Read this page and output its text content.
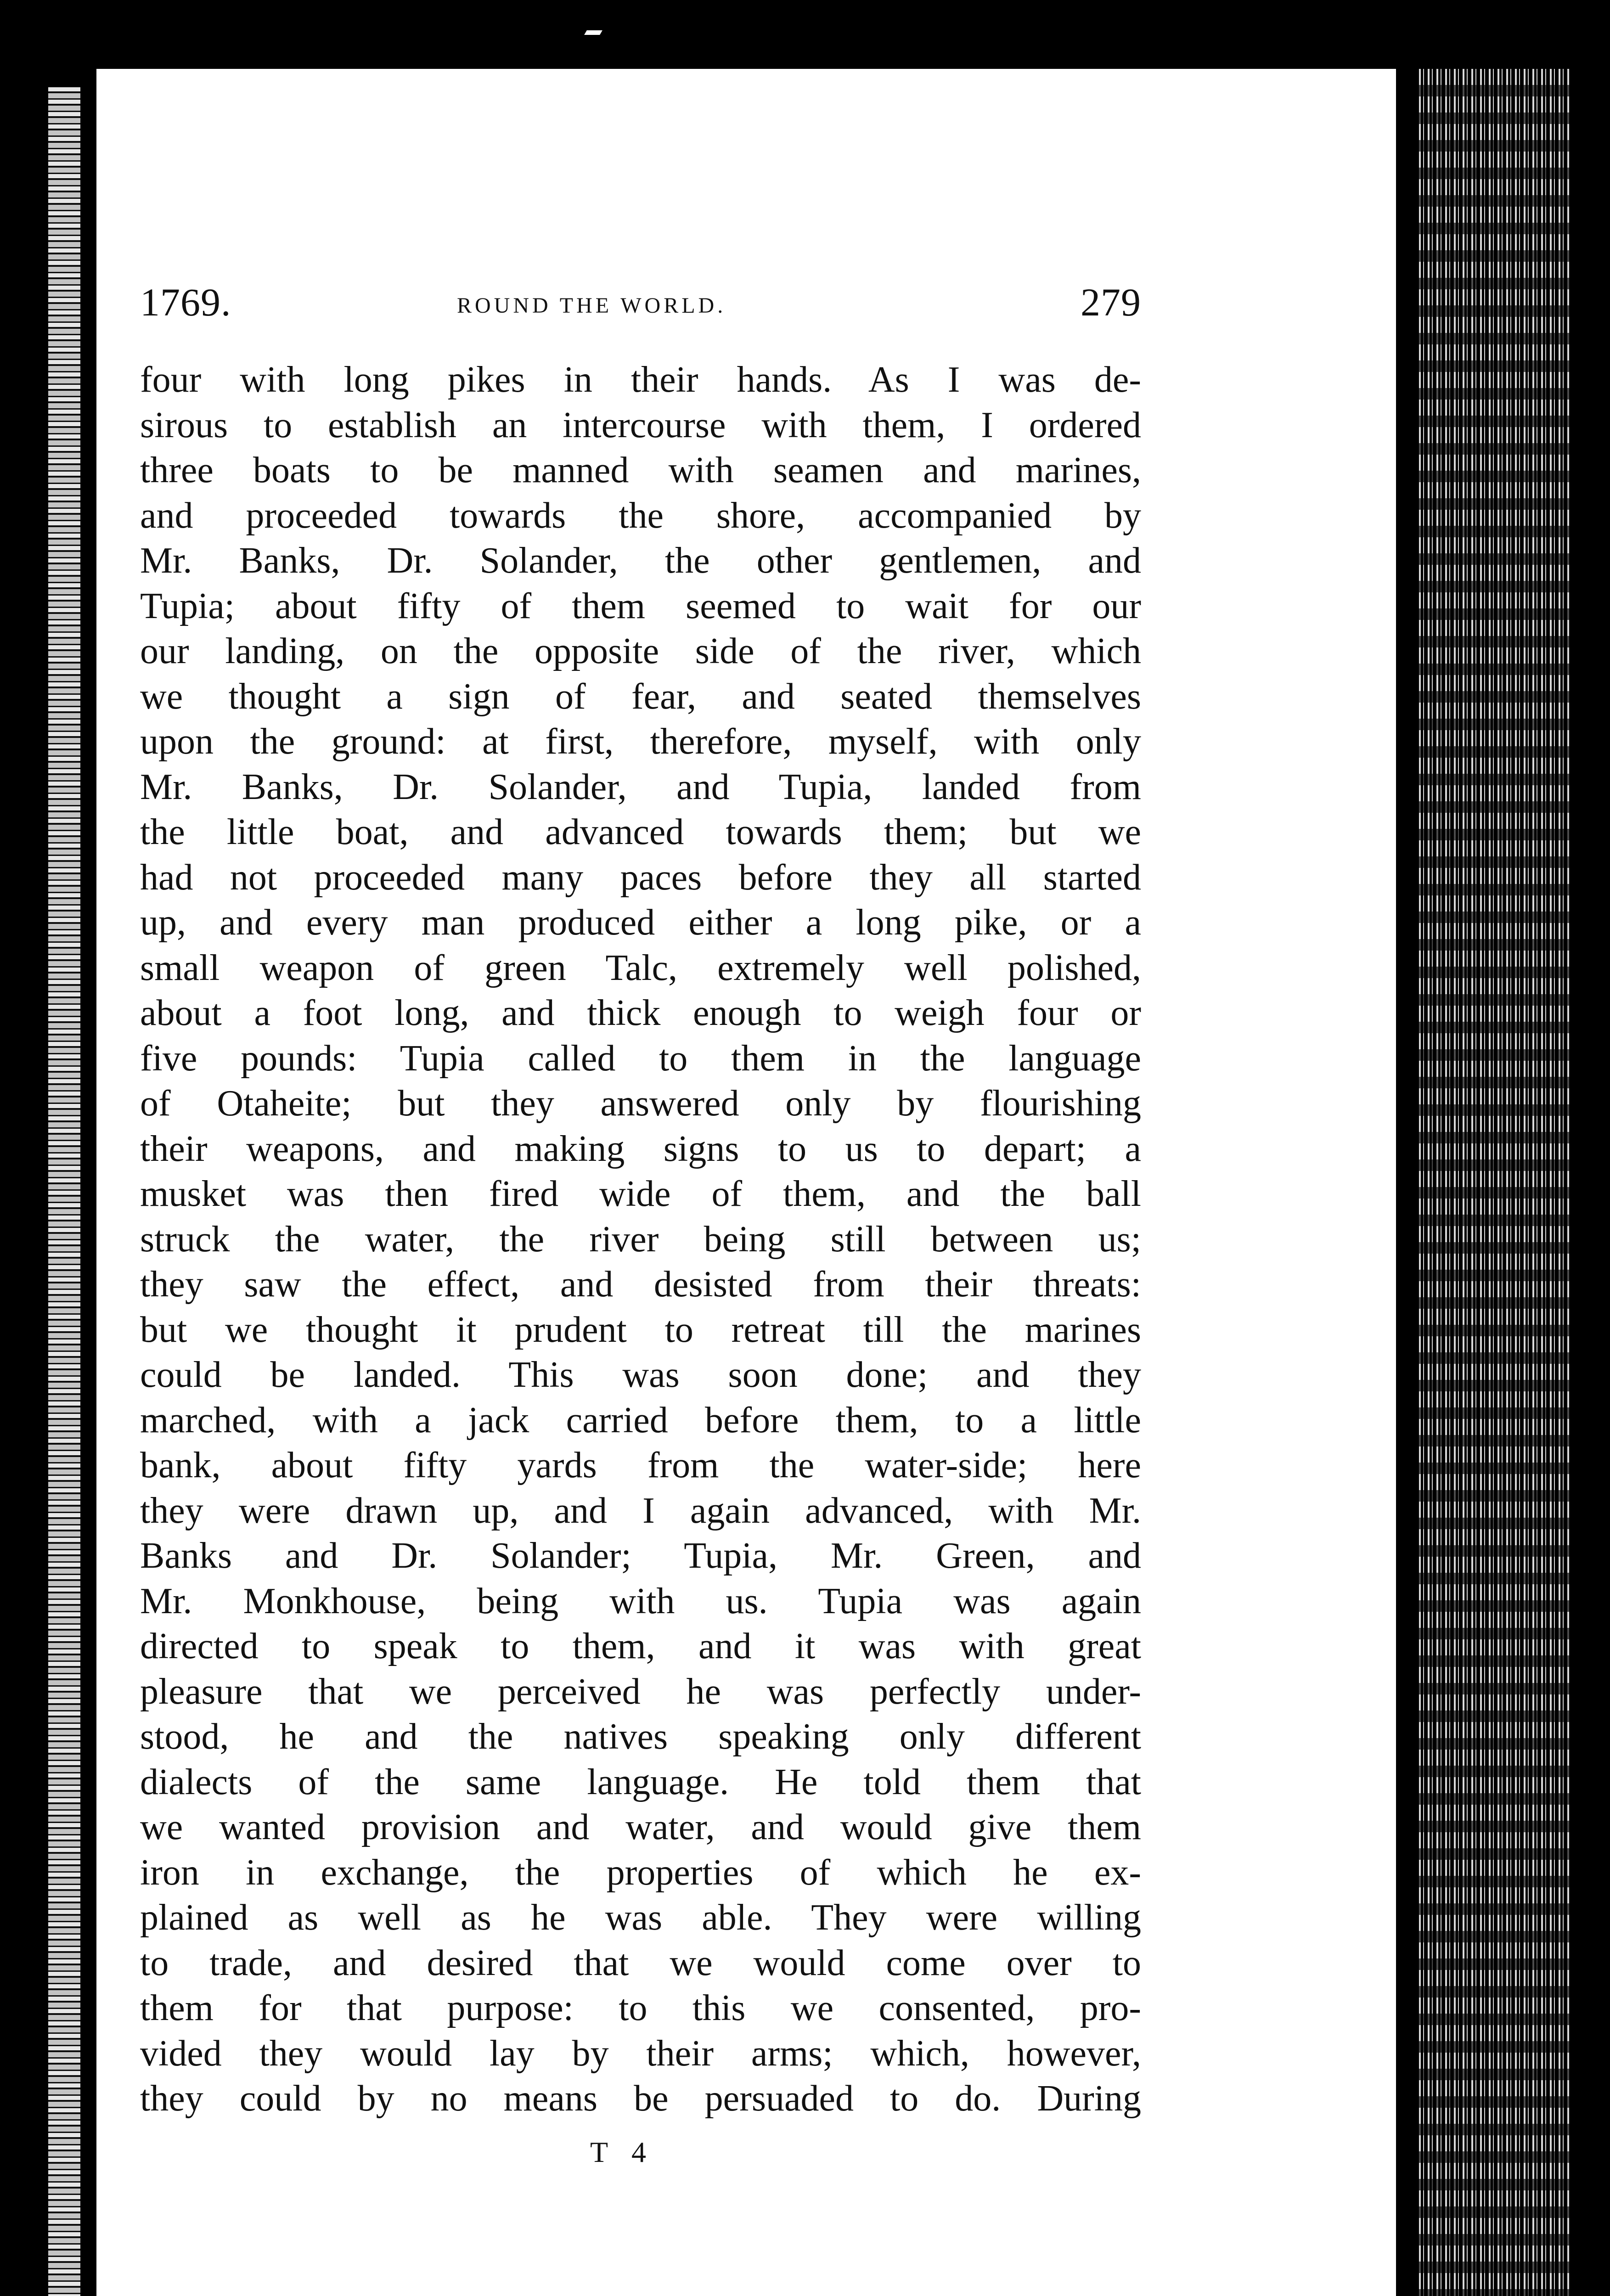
1769.	ROUND THE WORLD.	279
four with long pikes in their hands. As I was de-
sirous to establish an intercourse with them, I ordered
three boats to be manned with seamen and marines,
and proceeded towards the shore, accompanied by
Mr. Banks, Dr. Solander, the other gentlemen, and
Tupia; about fifty of them seemed to wait for our
our landing, on the opposite side of the river, which
we thought a sign of fear, and seated themselves
upon the ground: at first, therefore, myself, with only
Mr. Banks, Dr. Solander, and Tupia, landed from
the little boat, and advanced towards them; but we
had not proceeded many paces before they all started
up, and every man produced either a long pike, or a
small weapon of green Talc, extremely well polished,
about a foot long, and thick enough to weigh four or
five pounds: Tupia called to them in the language
of Otaheite; but they answered only by flourishing
their weapons, and making signs to us to depart; a
musket was then fired wide of them, and the ball
struck the water, the river being still between us;
they saw the effect, and desisted from their threats:
but we thought it prudent to retreat till the marines
could be landed. This was soon done; and they
marched, with a jack carried before them, to a little
bank, about fifty yards from the water-side; here
they were drawn up, and I again advanced, with Mr.
Banks and Dr. Solander; Tupia, Mr. Green, and
Mr. Monkhouse, being with us. Tupia was again
directed to speak to them, and it was with great
pleasure that we perceived he was perfectly under-
stood, he and the natives speaking only different
dialects of the same language. He told them that
we wanted provision and water, and would give them
iron in exchange, the properties of which he ex-
plained as well as he was able. They were willing
to trade, and desired that we would come over to
them for that purpose: to this we consented, pro-
vided they would lay by their arms; which, however,
they could by no means be persuaded to do. During
T 4
